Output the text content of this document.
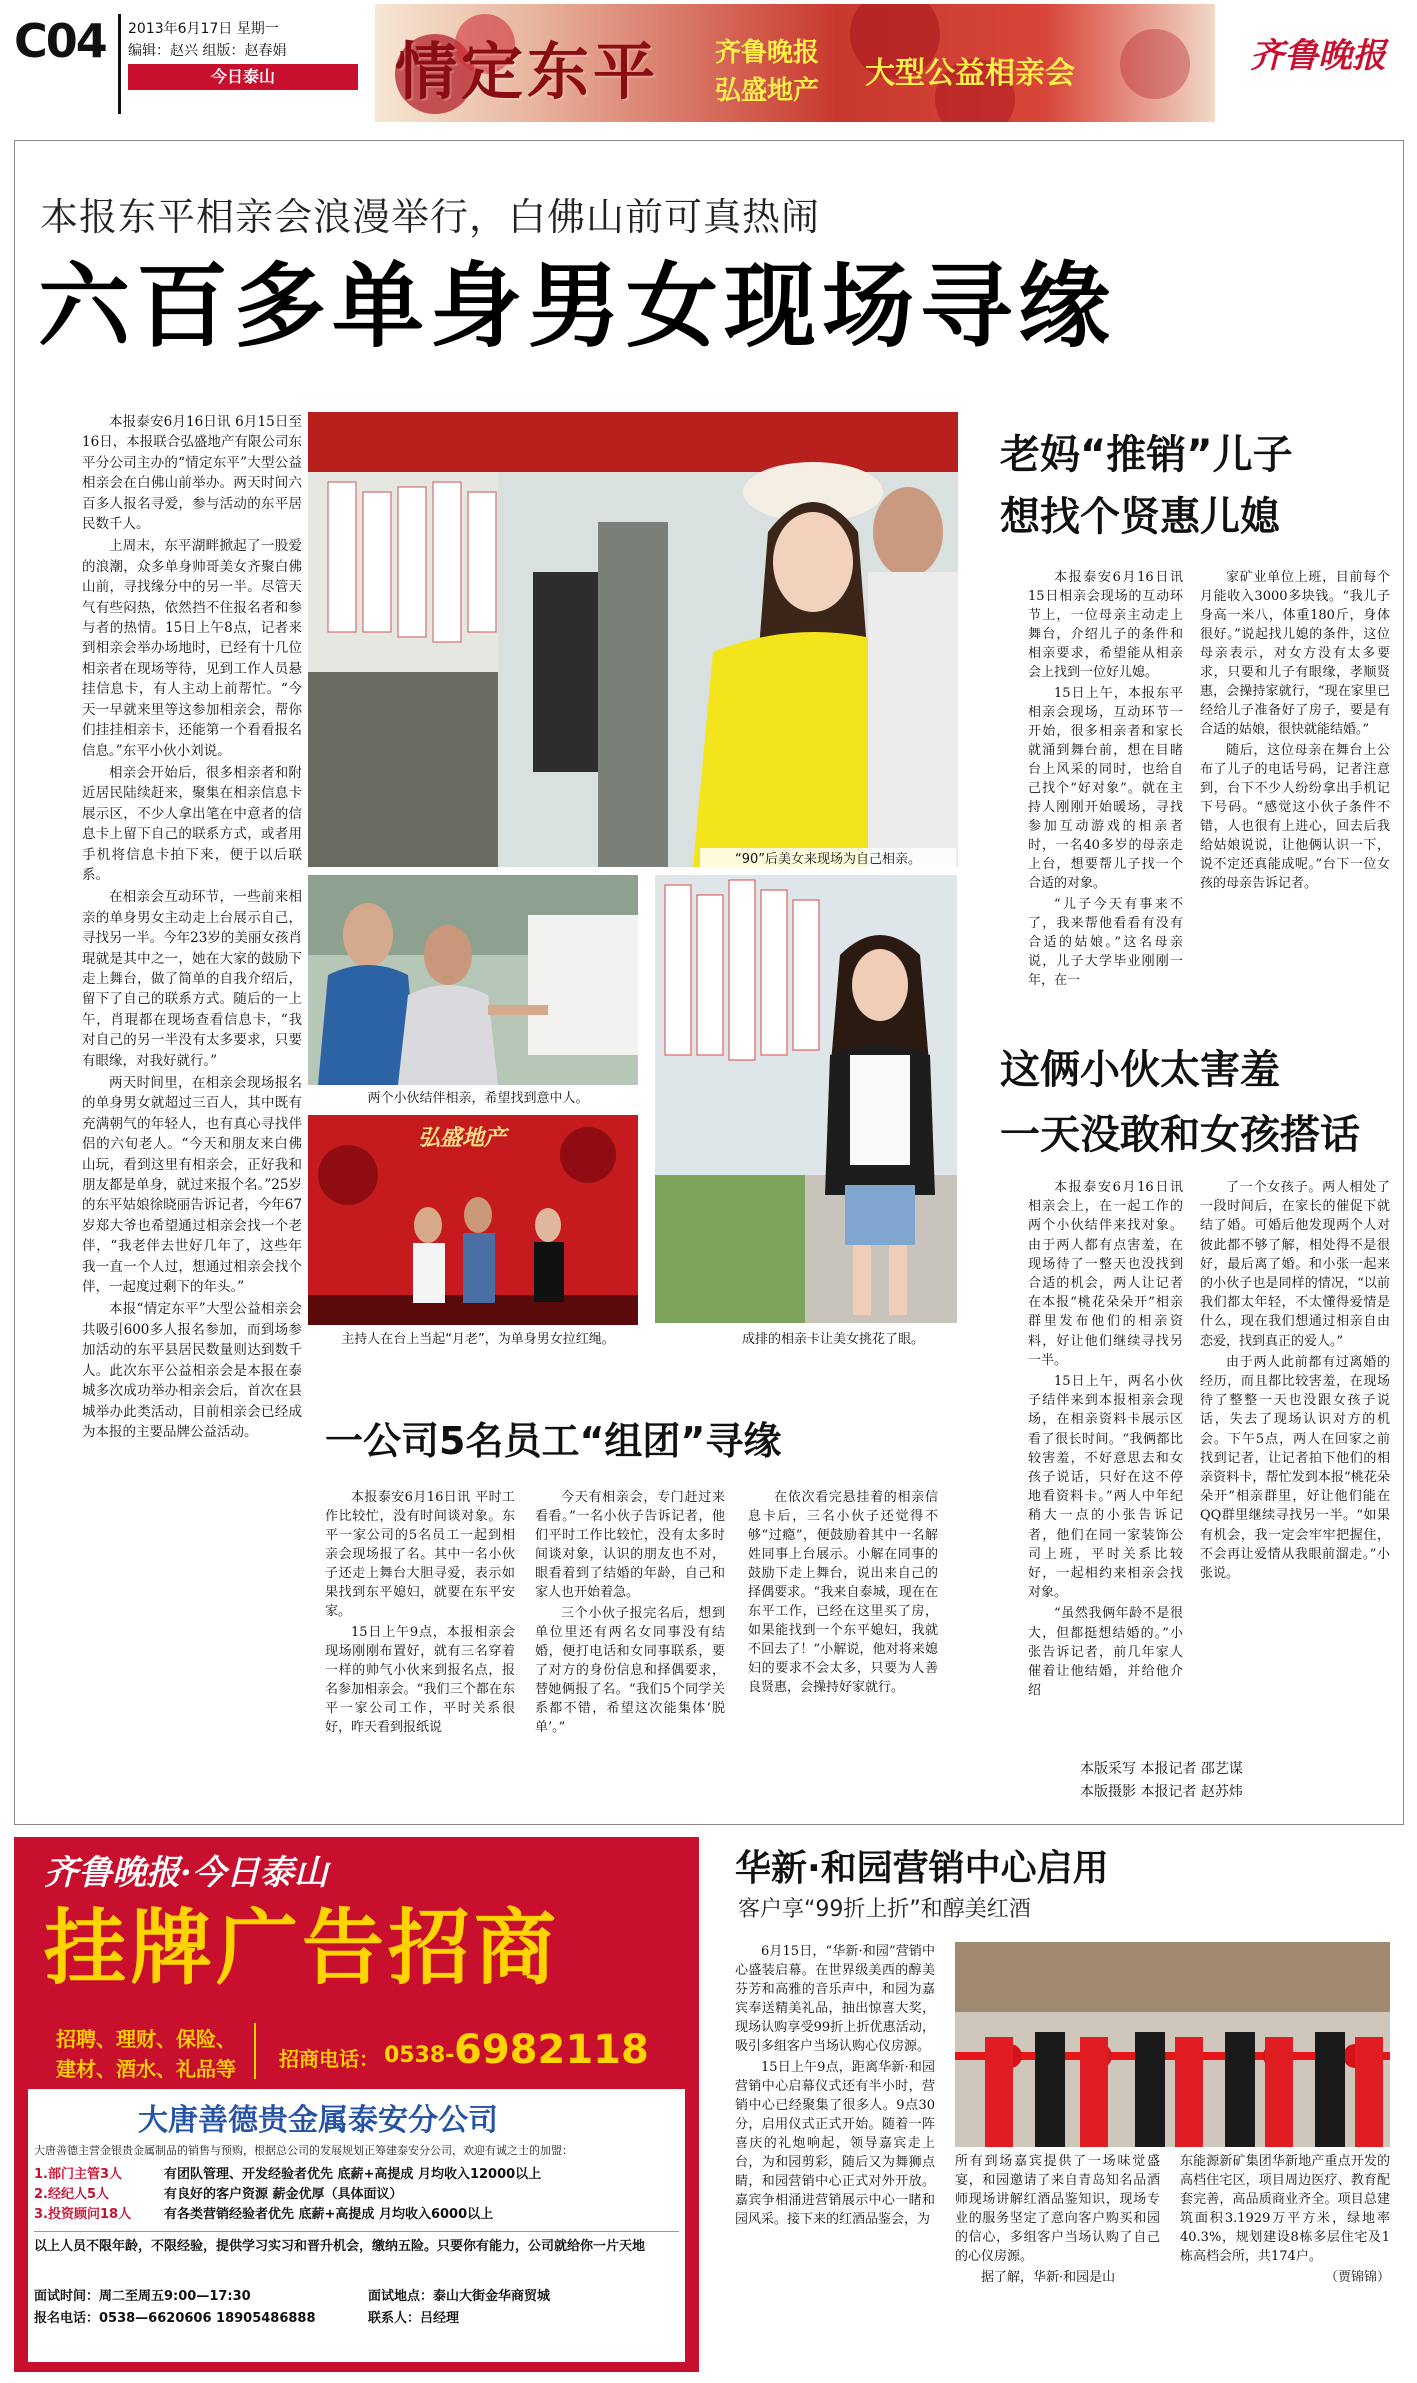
C04 2013年6月17日 星期一
编辑：赵兴 组版：赵春娟
今日泰山	情定东平 齐鲁晚报
弘盛地产 大型公益相亲会	齐鲁晚报
本报东平相亲会浪漫举行，白佛山前可真热闹
六百多单身男女现场寻缘

本报泰安6月16日讯 6月15日至16日，本报联合弘盛地产有限公司东平分公司主办的“情定东平”大型公益相亲会在白佛山前举办。两天时间六百多人报名寻爱，参与活动的东平居民数千人。

上周末，东平湖畔掀起了一股爱的浪潮，众多单身帅哥美女齐聚白佛山前，寻找缘分中的另一半。尽管天气有些闷热，依然挡不住报名者和参与者的热情。15日上午8点，记者来到相亲会举办场地时，已经有十几位相亲者在现场等待，见到工作人员悬挂信息卡，有人主动上前帮忙。“今天一早就来里等这参加相亲会，帮你们挂挂相亲卡，还能第一个看看报名信息。”东平小伙小刘说。

相亲会开始后，很多相亲者和附近居民陆续赶来，聚集在相亲信息卡展示区，不少人拿出笔在中意者的信息卡上留下自己的联系方式，或者用手机将信息卡拍下来，便于以后联系。

在相亲会互动环节，一些前来相亲的单身男女主动走上台展示自己，寻找另一半。今年23岁的美丽女孩肖琨就是其中之一，她在大家的鼓励下走上舞台，做了简单的自我介绍后，留下了自己的联系方式。随后的一上午，肖琨都在现场查看信息卡，“我对自己的另一半没有太多要求，只要有眼缘，对我好就行。”

两天时间里，在相亲会现场报名的单身男女就超过三百人，其中既有充满朝气的年轻人，也有真心寻找伴侣的六旬老人。“今天和朋友来白佛山玩，看到这里有相亲会，正好我和朋友都是单身，就过来报个名。”25岁的东平姑娘徐晓丽告诉记者，今年67岁郑大爷也希望通过相亲会找一个老伴，“我老伴去世好几年了，这些年我一直一个人过，想通过相亲会找个伴，一起度过剩下的年头。”

本报“情定东平”大型公益相亲会共吸引600多人报名参加，而到场参加活动的东平县居民数量则达到数千人。此次东平公益相亲会是本报在泰城多次成功举办相亲会后，首次在县城举办此类活动，目前相亲会已经成为本报的主要品牌公益活动。

“90”后美女来现场为自己相亲。
两个小伙结伴相亲，希望找到意中人。
成排的相亲卡让美女挑花了眼。
弘盛地产
主持人在台上当起“月老”，为单身男女拉红绳。
老妈“推销”儿子
想找个贤惠儿媳

本报泰安6月16日讯 15日相亲会现场的互动环节上，一位母亲主动走上舞台，介绍儿子的条件和相亲要求，希望能从相亲会上找到一位好儿媳。

15日上午，本报东平相亲会现场，互动环节一开始，很多相亲者和家长就涌到舞台前，想在目睹台上风采的同时，也给自己找个“好对象”。就在主持人刚刚开始暖场，寻找参加互动游戏的相亲者时，一名40多岁的母亲走上台，想要帮儿子找一个合适的对象。

“儿子今天有事来不了，我来帮他看看有没有合适的姑娘。”这名母亲说，儿子大学毕业刚刚一年，在一

家矿业单位上班，目前每个月能收入3000多块钱。“我儿子身高一米八，体重180斤，身体很好。”说起找儿媳的条件，这位母亲表示，对女方没有太多要求，只要和儿子有眼缘，孝顺贤惠，会操持家就行，“现在家里已经给儿子准备好了房子，要是有合适的姑娘，很快就能结婚。”

随后，这位母亲在舞台上公布了儿子的电话号码，记者注意到，台下不少人纷纷拿出手机记下号码。“感觉这小伙子条件不错，人也很有上进心，回去后我给姑娘说说，让他俩认识一下，说不定还真能成呢。”台下一位女孩的母亲告诉记者。

这俩小伙太害羞
一天没敢和女孩搭话

本报泰安6月16日讯 相亲会上，在一起工作的两个小伙结伴来找对象。由于两人都有点害羞，在现场待了一整天也没找到合适的机会，两人让记者在本报“桃花朵朵开”相亲群里发布他们的相亲资料，好让他们继续寻找另一半。

15日上午，两名小伙子结伴来到本报相亲会现场，在相亲资料卡展示区看了很长时间。“我俩都比较害羞，不好意思去和女孩子说话，只好在这不停地看资料卡。”两人中年纪稍大一点的小张告诉记者，他们在同一家装饰公司上班，平时关系比较好，一起相约来相亲会找对象。

“虽然我俩年龄不是很大，但都挺想结婚的。”小张告诉记者，前几年家人催着让他结婚，并给他介绍

了一个女孩子。两人相处了一段时间后，在家长的催促下就结了婚。可婚后他发现两个人对彼此都不够了解，相处得不是很好，最后离了婚。和小张一起来的小伙子也是同样的情况，“以前我们都太年轻，不太懂得爱情是什么，现在我们想通过相亲自由恋爱，找到真正的爱人。”

由于两人此前都有过离婚的经历，而且都比较害羞，在现场待了整整一天也没跟女孩子说话，失去了现场认识对方的机会。下午5点，两人在回家之前找到记者，让记者拍下他们的相亲资料卡，帮忙发到本报“桃花朵朵开”相亲群里，好让他们能在QQ群里继续寻找另一半。“如果有机会，我一定会牢牢把握住，不会再让爱情从我眼前溜走。”小张说。

一公司5名员工“组团”寻缘

本报泰安6月16日讯 平时工作比较忙，没有时间谈对象。东平一家公司的5名员工一起到相亲会现场报了名。其中一名小伙子还走上舞台大胆寻爱，表示如果找到东平媳妇，就要在东平安家。

15日上午9点，本报相亲会现场刚刚布置好，就有三名穿着一样的帅气小伙来到报名点，报名参加相亲会。“我们三个都在东平一家公司工作，平时关系很好，昨天看到报纸说

今天有相亲会，专门赶过来看看。”一名小伙子告诉记者，他们平时工作比较忙，没有太多时间谈对象，认识的朋友也不对，眼看着到了结婚的年龄，自己和家人也开始着急。

三个小伙子报完名后，想到单位里还有两名女同事没有结婚，便打电话和女同事联系，要了对方的身份信息和择偶要求，替她俩报了名。“我们5个同学关系都不错，希望这次能集体‘脱单’。”

在依次看完悬挂着的相亲信息卡后，三名小伙子还觉得不够“过瘾”，便鼓励着其中一名解姓同事上台展示。小解在同事的鼓励下走上舞台，说出来自己的择偶要求。“我来自泰城，现在在东平工作，已经在这里买了房，如果能找到一个东平媳妇，我就不回去了！”小解说，他对将来媳妇的要求不会太多，只要为人善良贤惠，会操持好家就行。

本版采写 本报记者 邵艺谋
本版摄影 本报记者 赵苏炜
齐鲁晚报·今日泰山
挂牌广告招商
招聘、理财、保险、
建材、酒水、礼品等 招商电话： 0538- 6982118
大唐善德贵金属泰安分公司
大唐善德主营金银贵金属制品的销售与预购，根据总公司的发展规划正筹建泰安分公司，欢迎有诚之士的加盟：
1.部门主管3人	有团队管理、开发经验者优先 底薪+高提成 月均收入12000以上
2.经纪人5人	有良好的客户资源 薪金优厚（具体面议）
3.投资顾问18人	有各类营销经验者优先 底薪+高提成 月均收入6000以上
以上人员不限年龄，不限经验，提供学习实习和晋升机会，缴纳五险。只要你有能力，公司就给你一片天地
面试时间：周二至周五9:00—17:30	面试地点：泰山大街金华商贸城
报名电话：0538—6620606 18905486888	联系人：吕经理
华新·和园营销中心启用
客户享“99折上折”和醇美红酒

6月15日，“华新·和园”营销中心盛装启幕。在世界级美西的醇美芬芳和高雅的音乐声中，和园为嘉宾奉送精美礼品，抽出惊喜大奖，现场认购享受99折上折优惠活动，吸引多组客户当场认购心仪房源。

15日上午9点，距离华新·和园营销中心启幕仪式还有半小时，营销中心已经聚集了很多人。9点30分，启用仪式正式开始。随着一阵喜庆的礼炮响起，领导嘉宾走上台，为和园剪彩，随后又为舞狮点睛，和园营销中心正式对外开放。嘉宾争相涌进营销展示中心一睹和园风采。接下来的红酒品鉴会，为

所有到场嘉宾提供了一场味觉盛宴，和园邀请了来自青岛知名品酒师现场讲解红酒品鉴知识，现场专业的服务坚定了意向客户购买和园的信心，多组客户当场认购了自己的心仪房源。

据了解，华新·和园是山

东能源新矿集团华新地产重点开发的高档住宅区，项目周边医疗、教育配套完善，高品质商业齐全。项目总建筑面积3.1929万平方米，绿地率40.3%，规划建设8栋多层住宅及1栋高档会所，共174户。

（贾锦锦）
